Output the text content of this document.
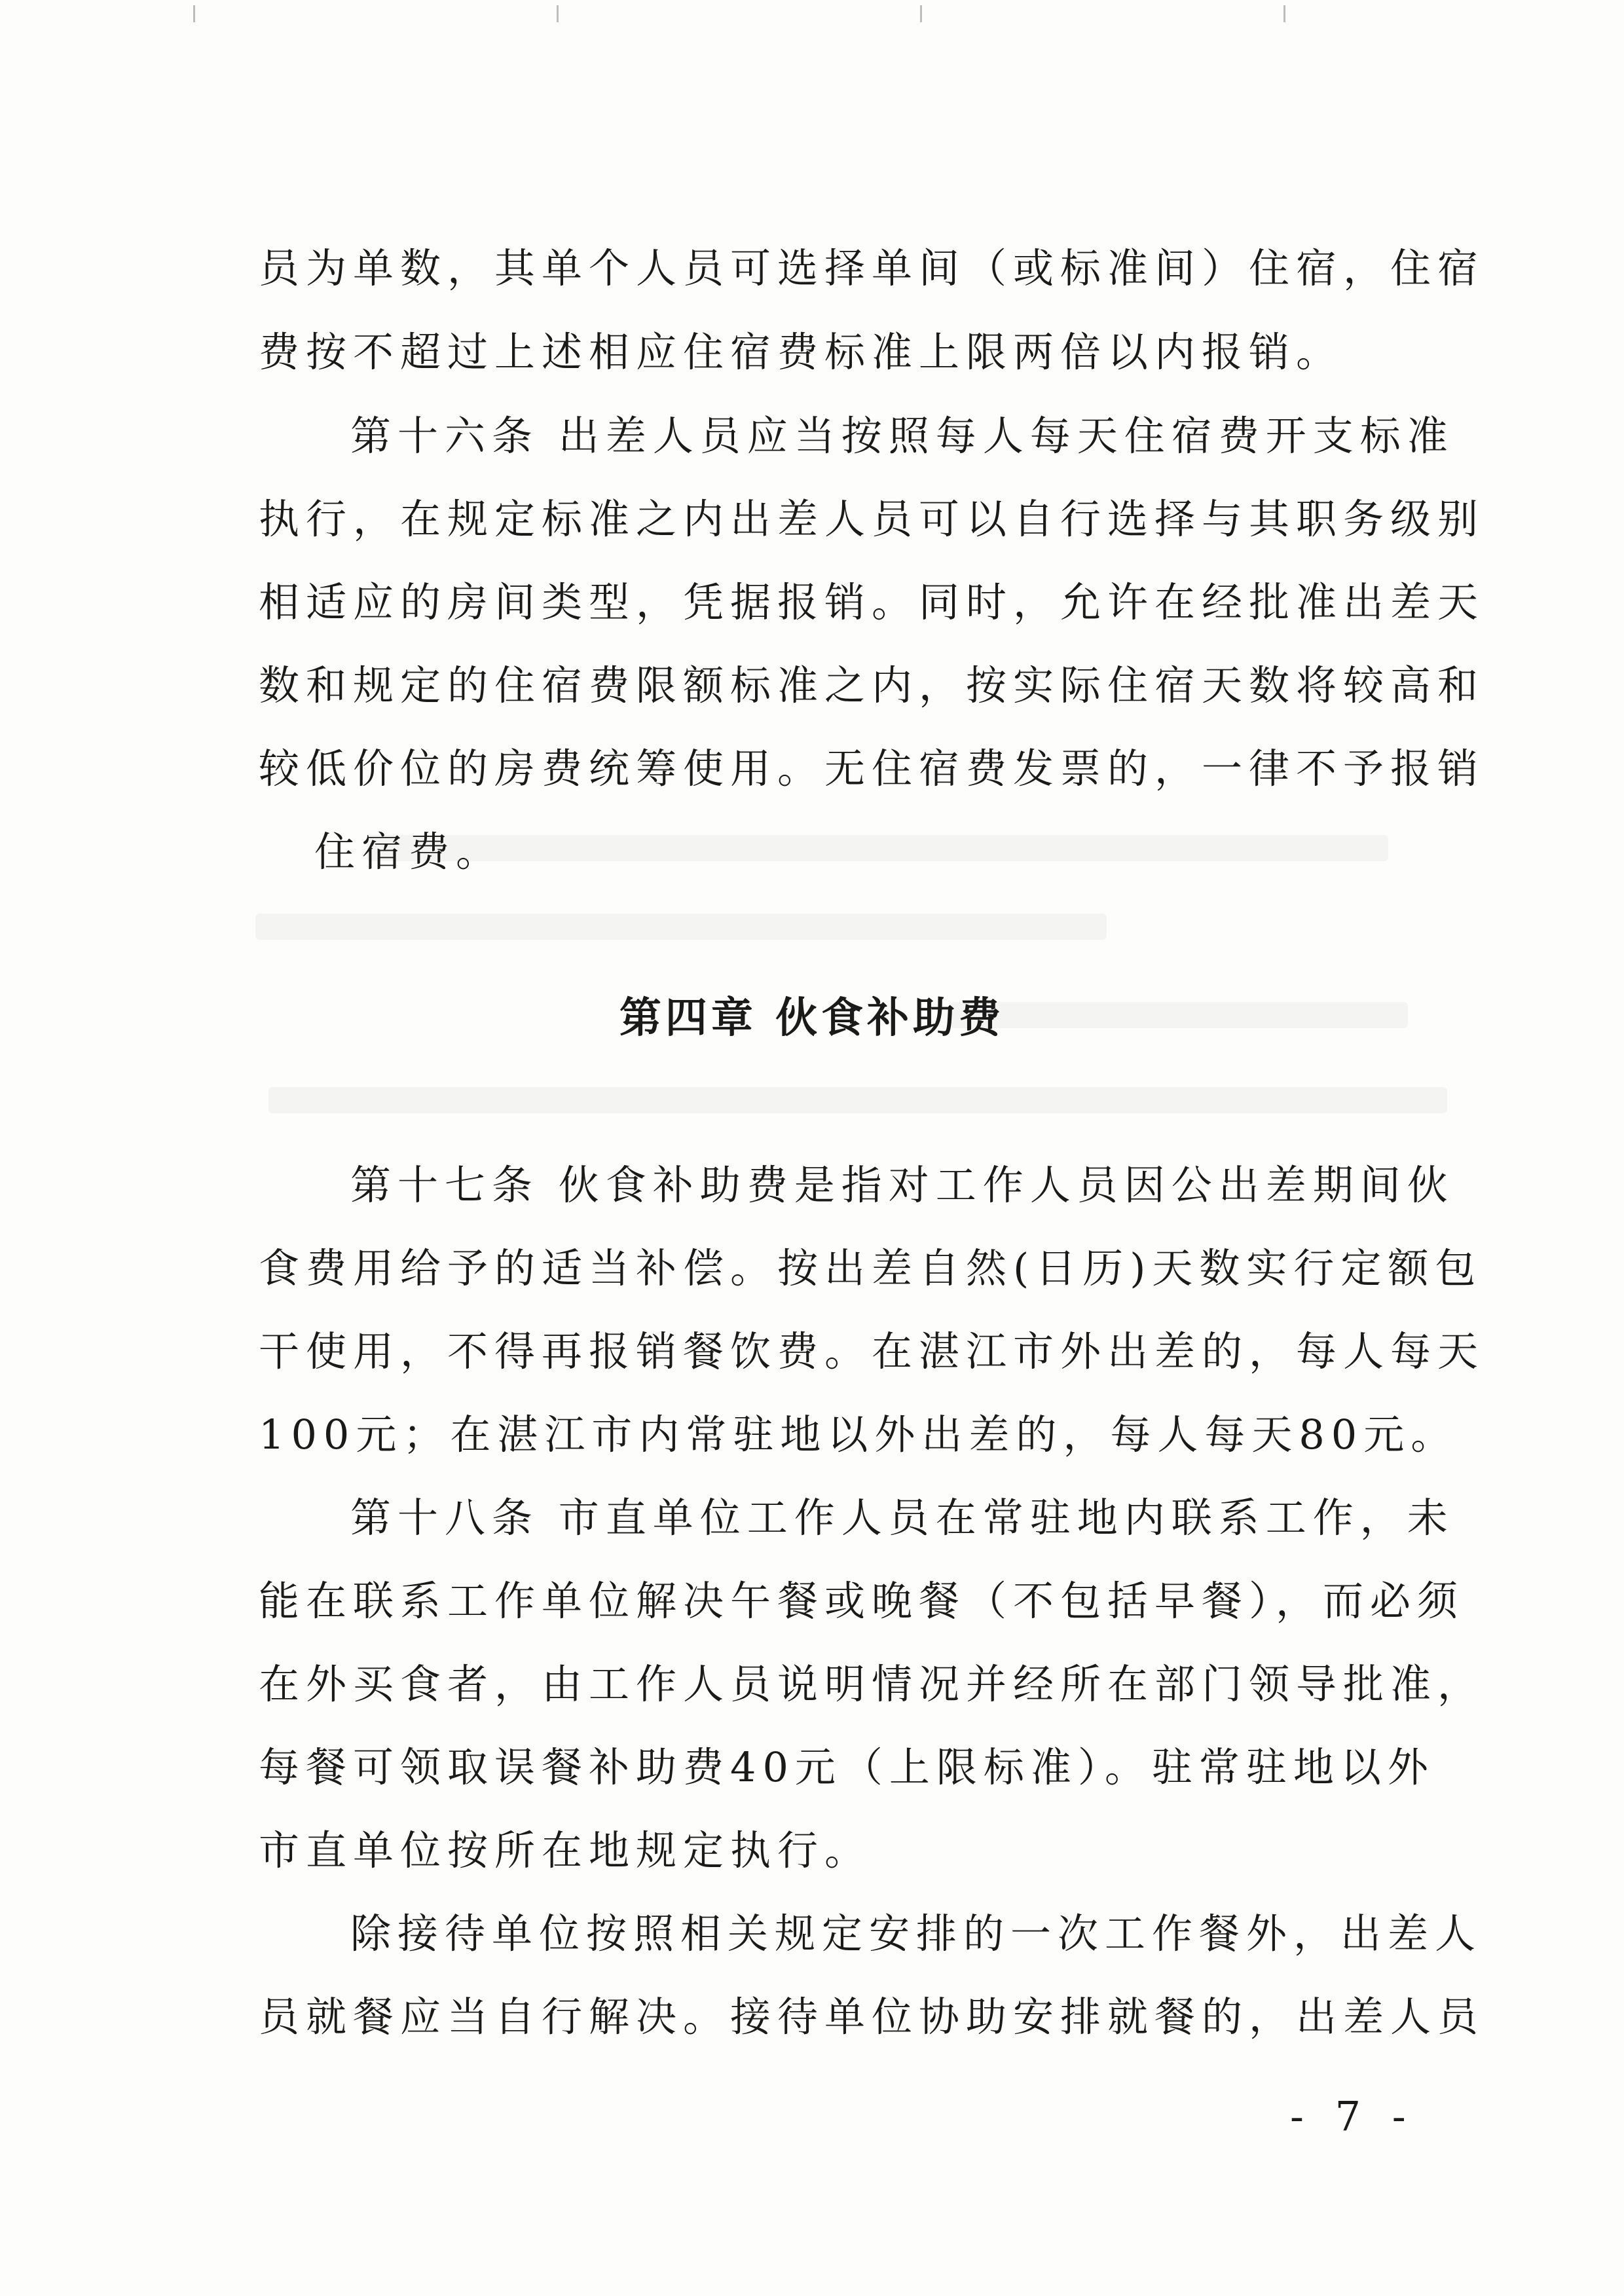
员为单数，其单个人员可选择单间（或标准间）住宿，住宿
费按不超过上述相应住宿费标准上限两倍以内报销。
第十六条 出差人员应当按照每人每天住宿费开支标准
执行，在规定标准之内出差人员可以自行选择与其职务级别
相适应的房间类型，凭据报销。同时，允许在经批准出差天
数和规定的住宿费限额标准之内，按实际住宿天数将较高和
较低价位的房费统筹使用。无住宿费发票的，一律不予报销
住宿费。
第四章 伙食补助费
第十七条 伙食补助费是指对工作人员因公出差期间伙
食费用给予的适当补偿。按出差自然(日历)天数实行定额包
干使用，不得再报销餐饮费。在湛江市外出差的，每人每天
100元；在湛江市内常驻地以外出差的，每人每天80元。
第十八条 市直单位工作人员在常驻地内联系工作，未
能在联系工作单位解决午餐或晚餐（不包括早餐），而必须
在外买食者，由工作人员说明情况并经所在部门领导批准，
每餐可领取误餐补助费40元（上限标准）。驻常驻地以外
市直单位按所在地规定执行。
除接待单位按照相关规定安排的一次工作餐外，出差人
员就餐应当自行解决。接待单位协助安排就餐的，出差人员
- 7 -
